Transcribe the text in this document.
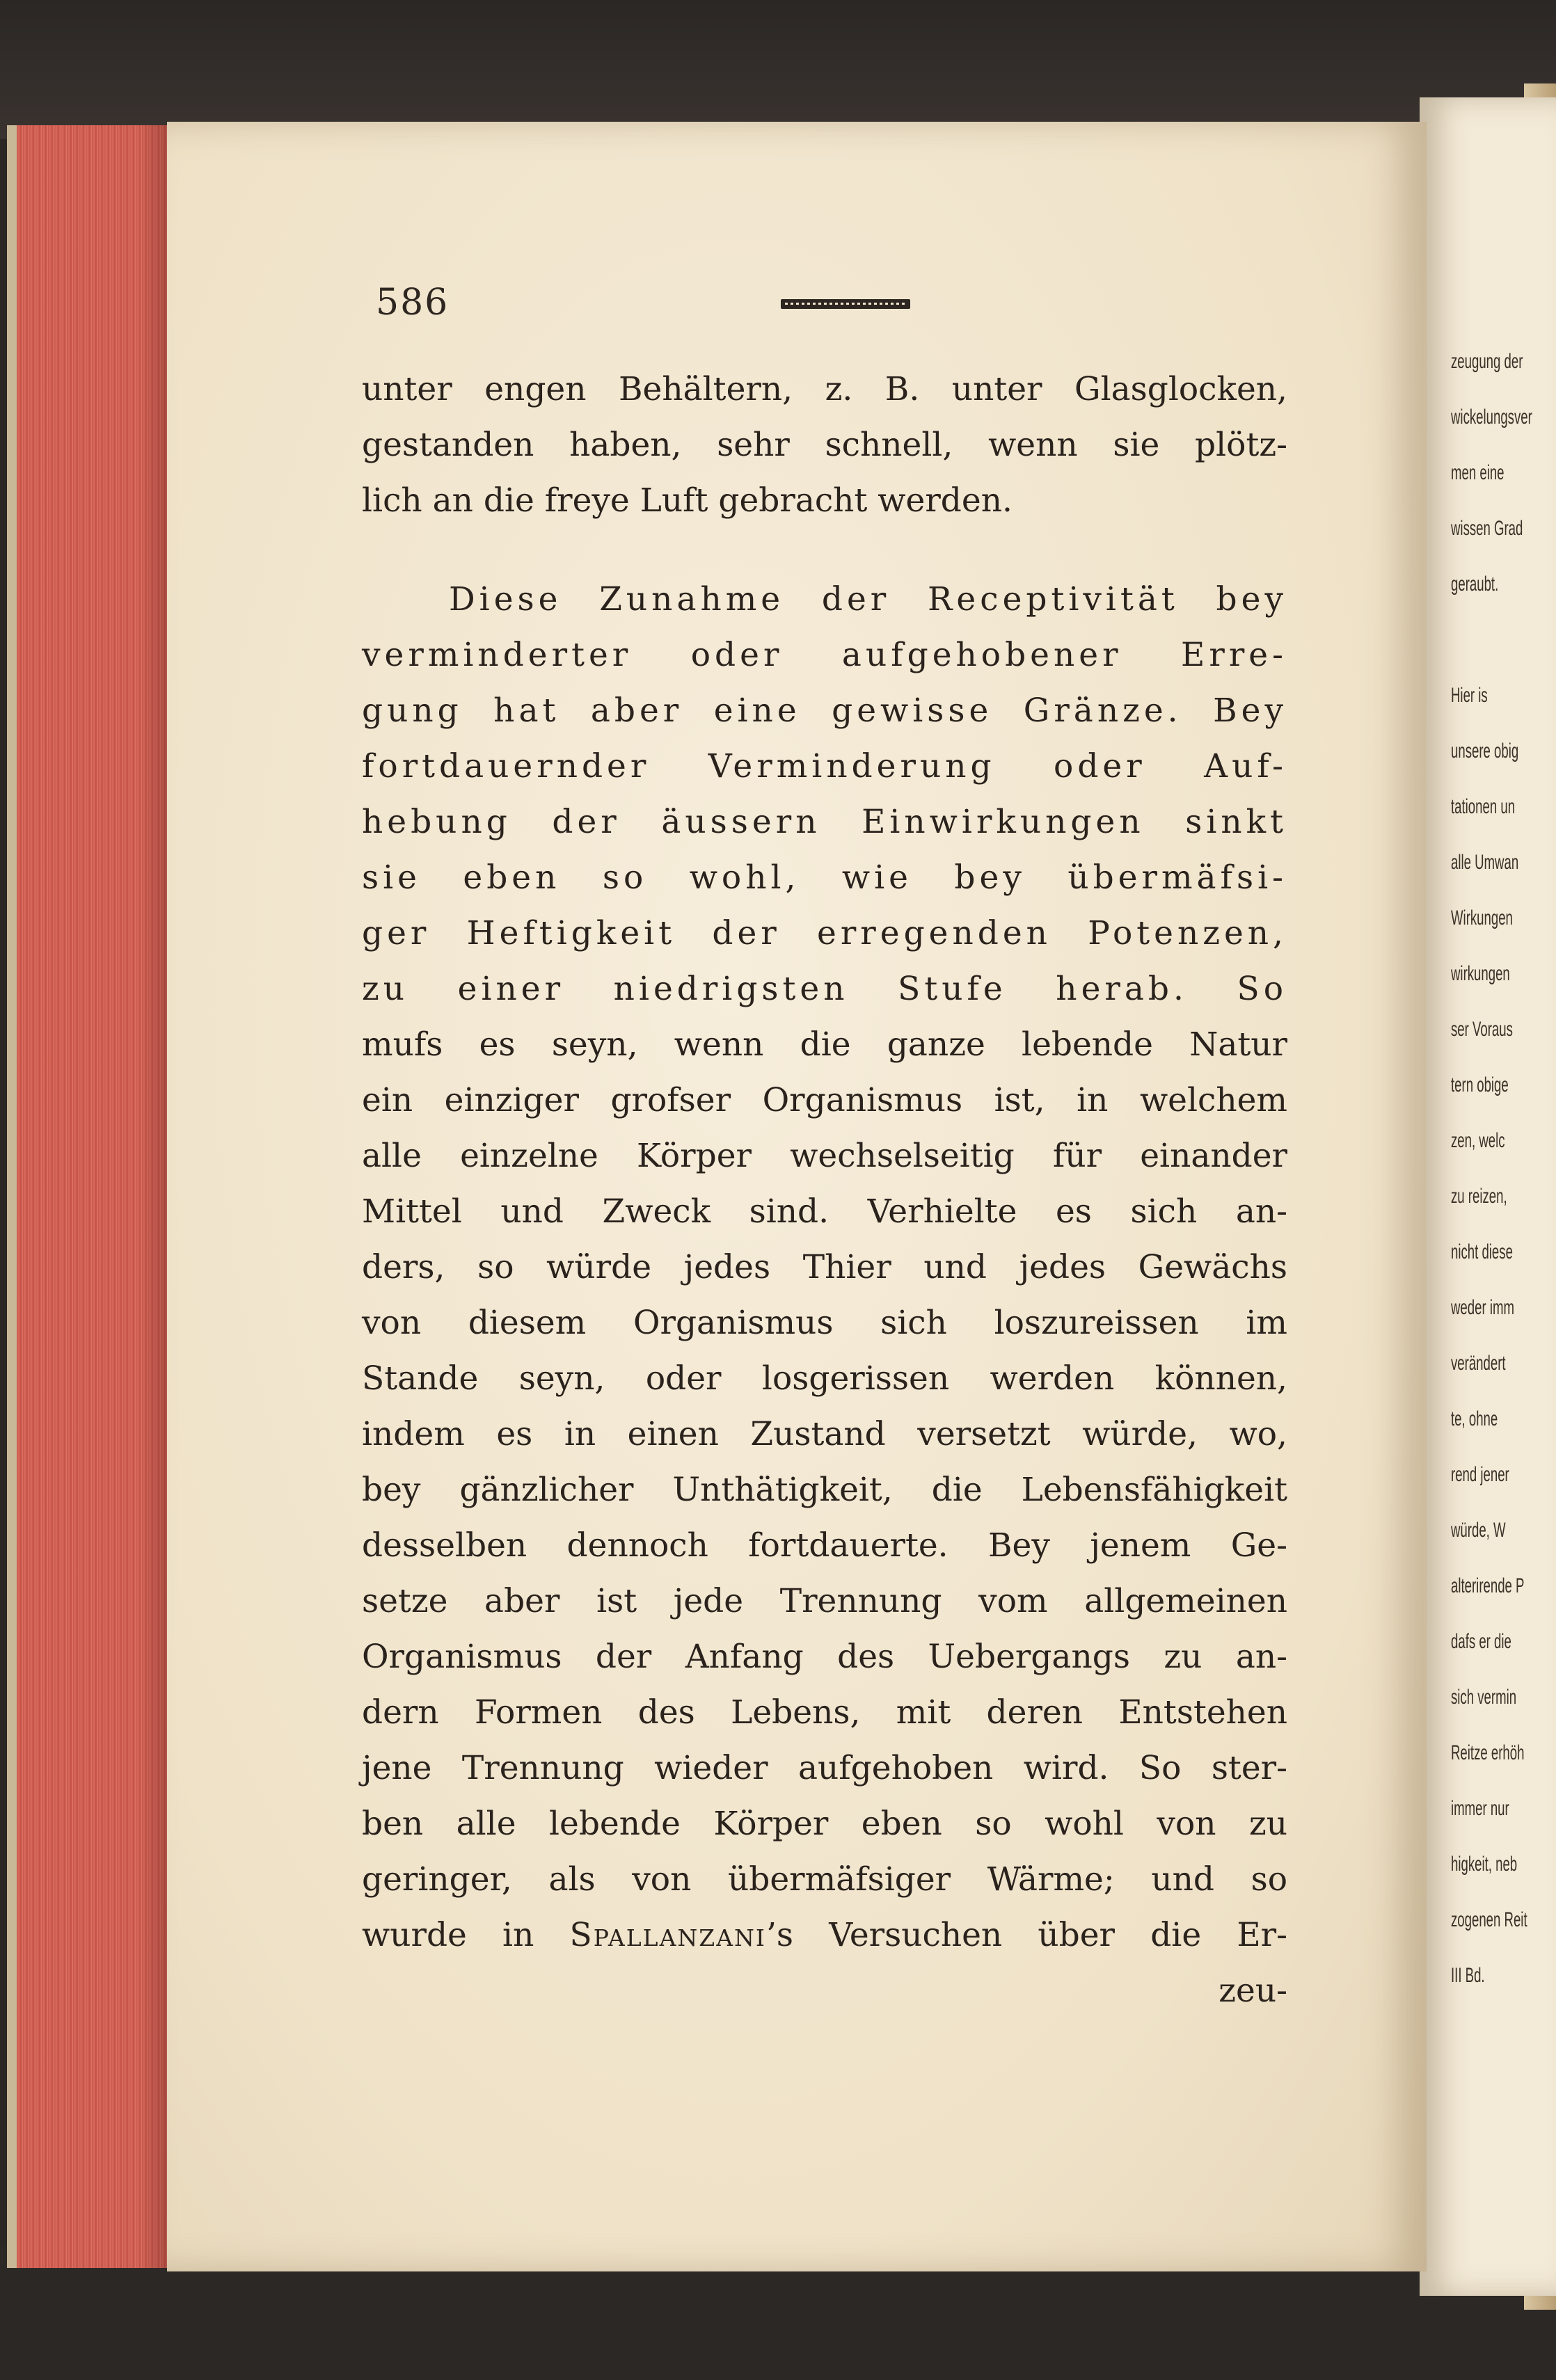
zeugung der
wickelungsver
men eine
wissen Grad
geraubt.
Hier is
unsere obig
tationen un
alle Umwan
Wirkungen
wirkungen
ser Voraus
tern obige
zen, welc
zu reizen,
nicht diese
weder imm
verändert
te, ohne
rend jener
würde, W
alterirende P
dafs er die
sich vermin
Reitze erhöh
immer nur
higkeit, neb
zogenen Reit
III Bd.
586
unter engen Behältern, z. B. unter Glasglocken,
gestanden haben, sehr schnell, wenn sie plötz-
lich an die freye Luft gebracht werden.
Diese Zunahme der Receptivität bey
verminderter oder aufgehobener Erre-
gung hat aber eine gewisse Gränze. Bey
fortdauernder Verminderung oder Auf-
hebung der äussern Einwirkungen sinkt
sie eben so wohl, wie bey übermäfsi-
ger Heftigkeit der erregenden Potenzen,
zu einer niedrigsten Stufe herab. So
mufs es seyn, wenn die ganze lebende Natur
ein einziger grofser Organismus ist, in welchem
alle einzelne Körper wechselseitig für einander
Mittel und Zweck sind. Verhielte es sich an-
ders, so würde jedes Thier und jedes Gewächs
von diesem Organismus sich loszureissen im
Stande seyn, oder losgerissen werden können,
indem es in einen Zustand versetzt würde, wo,
bey gänzlicher Unthätigkeit, die Lebensfähigkeit
desselben dennoch fortdauerte. Bey jenem Ge-
setze aber ist jede Trennung vom allgemeinen
Organismus der Anfang des Uebergangs zu an-
dern Formen des Lebens, mit deren Entstehen
jene Trennung wieder aufgehoben wird. So ster-
ben alle lebende Körper eben so wohl von zu
geringer, als von übermäfsiger Wärme; und so
wurde in Spallanzani’s Versuchen über die Er-
zeu-
